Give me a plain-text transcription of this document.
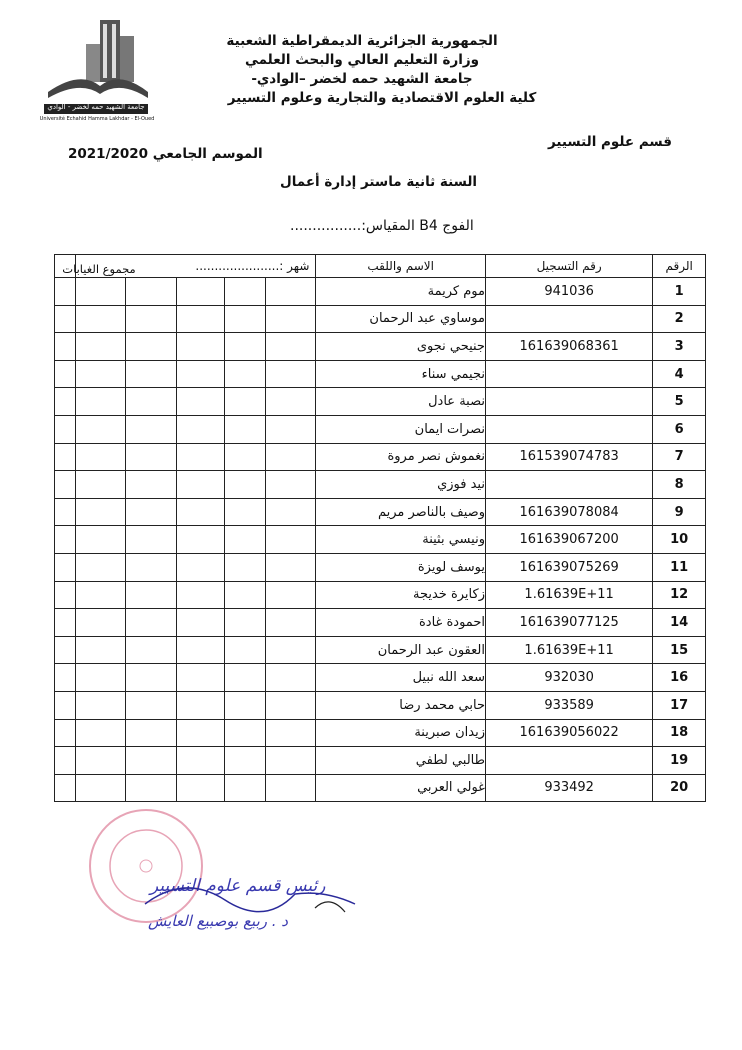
جامعة الشهيد حمه لخضر - الوادي
Université Echahid Hamma Lakhdar - El-Oued
الجمهورية الجزائرية الديمقراطية الشعبية
وزارة التعليم العالي والبحث العلمي
جامعة الشهيد حمه لخضر –الوادي-
كلية العلوم الاقتصادية والتجارية وعلوم التسيير
قسم علوم التسيير
الموسم الجامعي 2021/2020
السنة ثانية ماستر إدارة أعمال
الفوج B4 المقياس:................
الرقم	رقم التسجيل	الاسم واللقب	شهر :......................					
1	941036	موم كريمة						
2		موساوي عبد الرحمان						
3	161639068361	جنيحي نجوى						
4		نجيمي سناء						
5		نصبة عادل						
6		نصرات ايمان						
7	161539074783	نغموش نصر مروة						
8		نيد فوزي						
9	161639078084	وصيف بالناصر مريم						
10	161639067200	ونيسي بثينة						
11	161639075269	يوسف لويزة						
12	1.61639E+11	زكايرة خديجة						
14	161639077125	احمودة غادة						
15	1.61639E+11	العقون عبد الرحمان						
16	932030	سعد الله نبيل						
17	933589	حابي محمد رضا						
18	161639056022	زيدان صبرينة						
19		طالبي لطفي						
20	933492	غولي العربي						
مجموع الغيابات
رئيس قسم علوم التسيير
د . ربيع بوصبيع العايش
